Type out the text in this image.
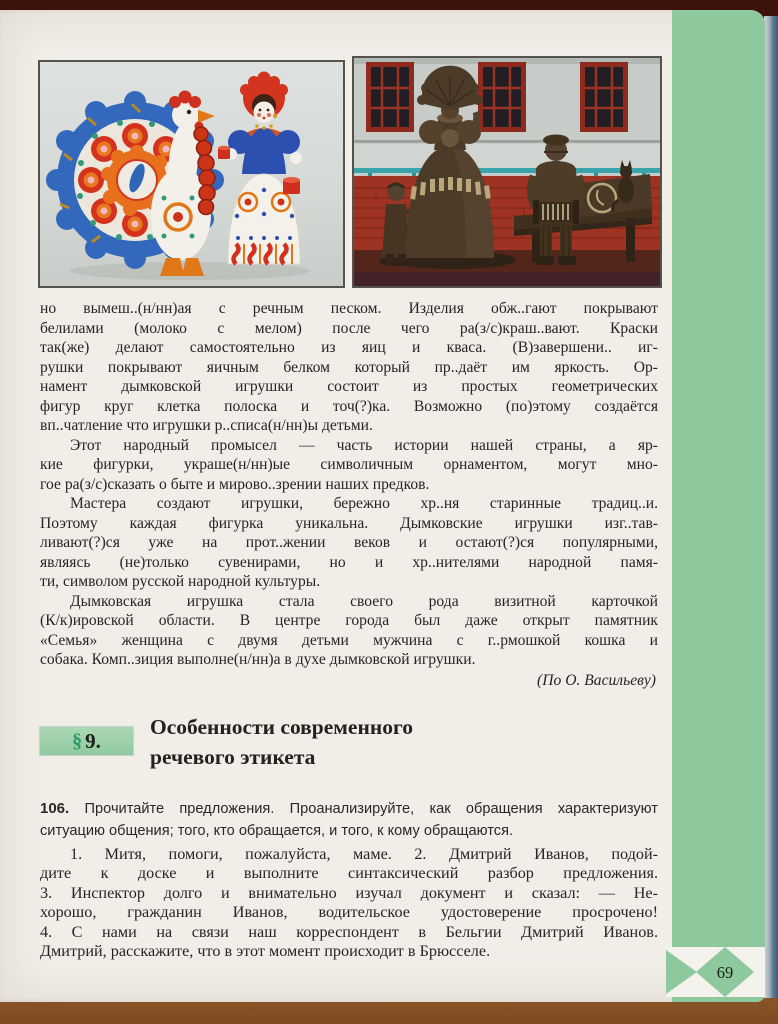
но вымеш..(н/нн)ая с речным песком. Изделия обж..гают покрывают
белилами (молоко с мелом) после чего ра(з/с)краш..вают. Краски
так(же) делают самостоятельно из яиц и кваса. (В)завершени.. иг-
рушки покрывают яичным белком который пр..даёт им яркость. Ор-
намент дымковской игрушки состоит из простых геометрических
фигур круг клетка полоска и точ(?)ка. Возможно (по)этому создаётся
вп..чатление что игрушки р..списа(н/нн)ы детьми.
Этот народный промысел — часть истории нашей страны, а яр-
кие фигурки, украше(н/нн)ые символичным орнаментом, могут мно-
гое ра(з/с)сказать о быте и мирово..зрении наших предков.
Мастера создают игрушки, бережно хр..ня старинные традиц..и.
Поэтому каждая фигурка уникальна. Дымковские игрушки изг..тав-
ливают(?)ся уже на прот..жении веков и остают(?)ся популярными,
являясь (не)только сувенирами, но и хр..нителями народной памя-
ти, символом русской народной культуры.
Дымковская игрушка стала своего рода визитной карточкой
(К/к)ировской области. В центре города был даже открыт памятник
«Семья» женщина с двумя детьми мужчина с г..рмошкой кошка и
собака. Комп..зиция выполне(н/нн)а в духе дымковской игрушки.
(По О. Васильеву)
§ 9.
Особенности современного
речевого этикета
106. Прочитайте предложения. Проанализируйте, как обращения характеризуют
ситуацию общения; того, кто обращается, и того, к кому обращаются.
1. Митя, помоги, пожалуйста, маме. 2. Дмитрий Иванов, подой-
дите к доске и выполните синтаксический разбор предложения.
3. Инспектор долго и внимательно изучал документ и сказал: — Не-
хорошо, гражданин Иванов, водительское удостоверение просрочено!
4. С нами на связи наш корреспондент в Бельгии Дмитрий Иванов.
Дмитрий, расскажите, что в этот момент происходит в Брюсселе.
69
